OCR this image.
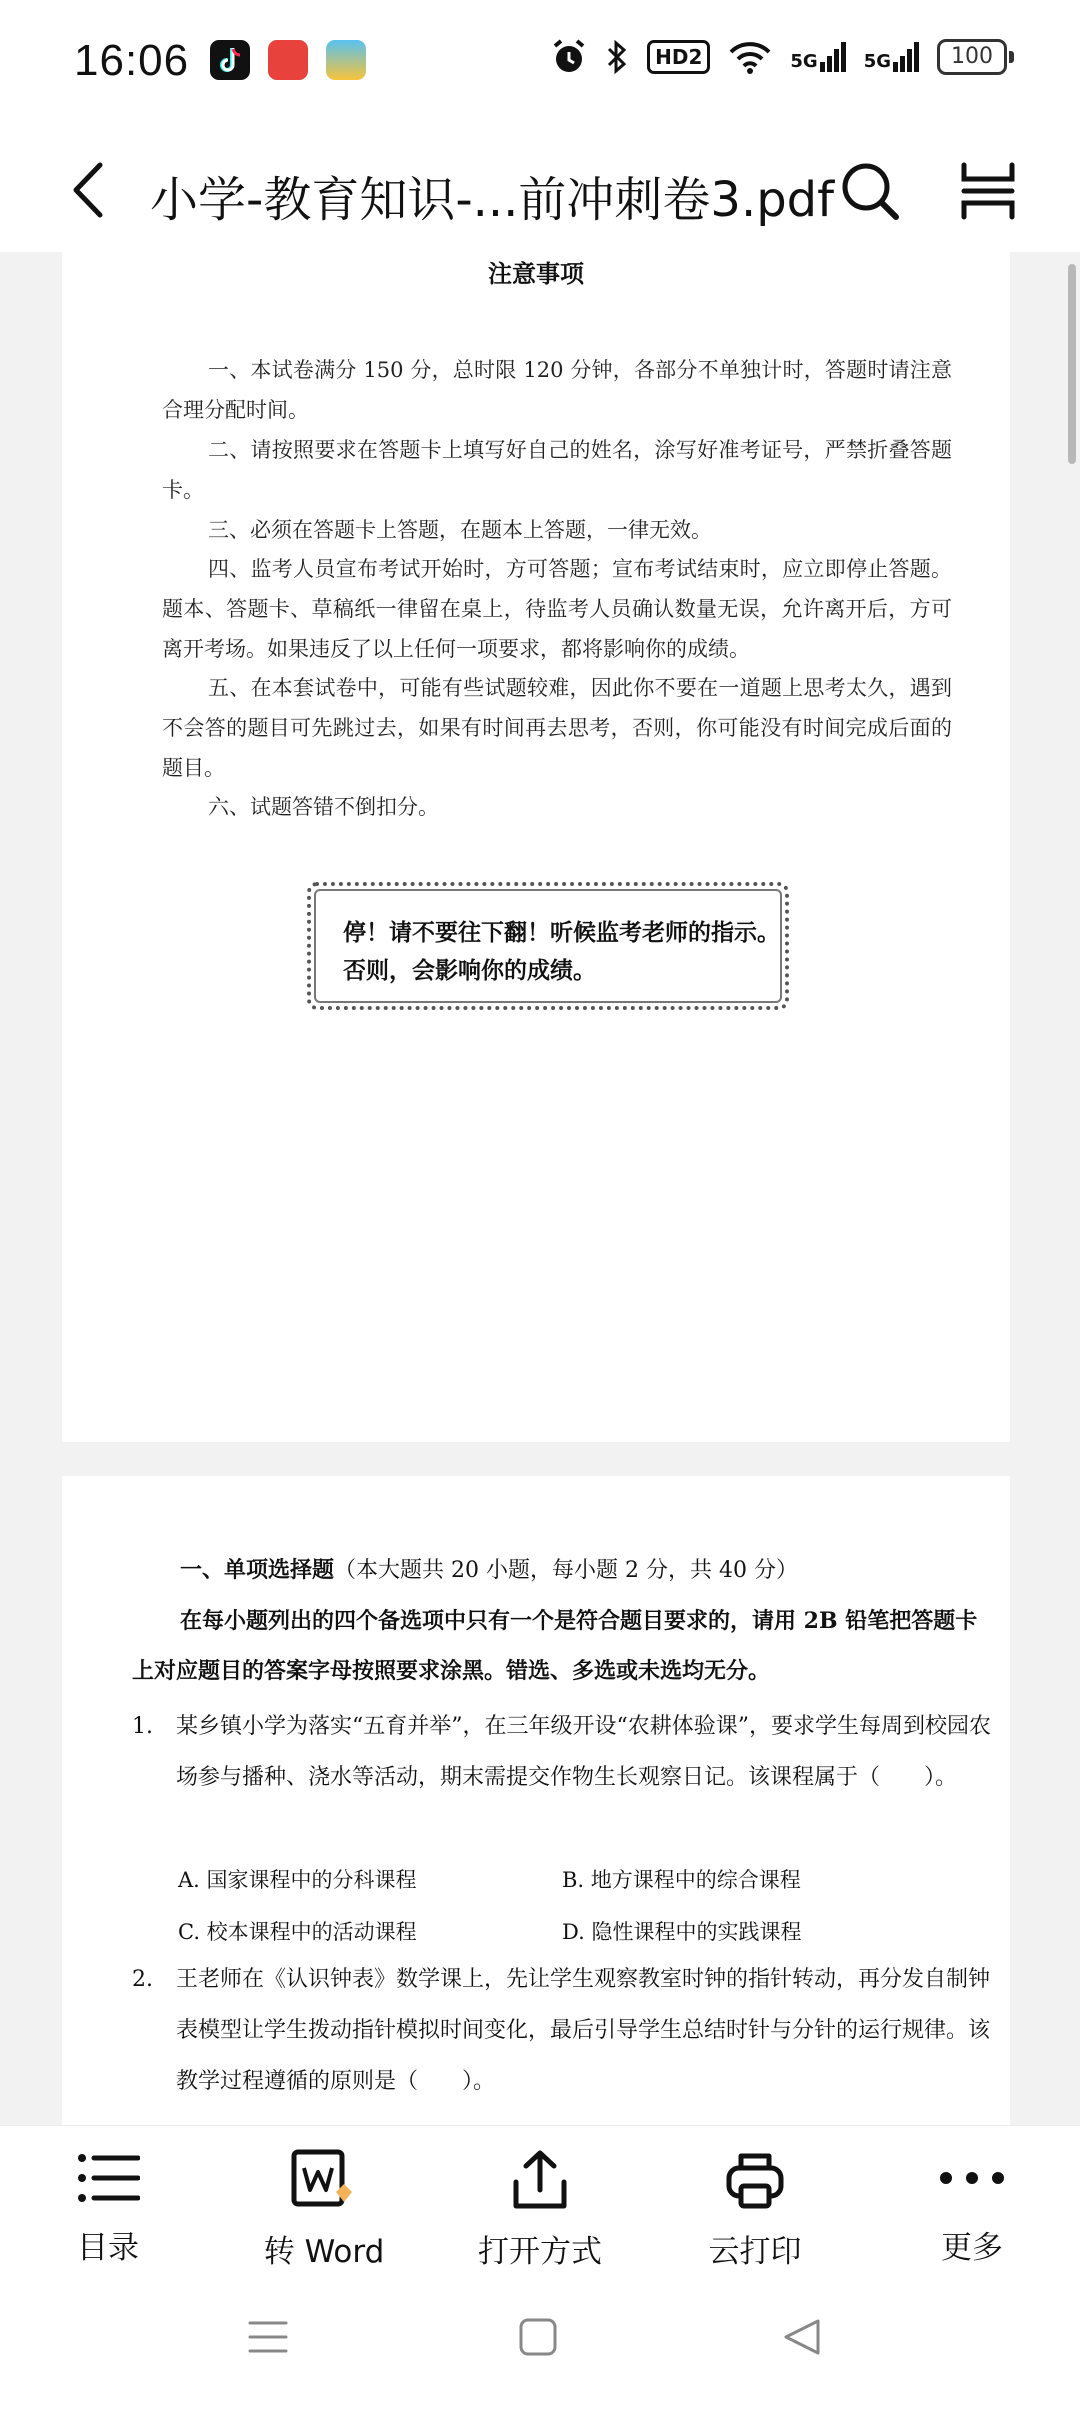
16:06	HD2	5G	5G	100
小学-教育知识-...前冲刺卷3.pdf
注意事项
一、本试卷满分 150 分，总时限 120 分钟，各部分不单独计时，答题时请注意合理分配时间。
二、请按照要求在答题卡上填写好自己的姓名，涂写好准考证号，严禁折叠答题卡。
三、必须在答题卡上答题，在题本上答题，一律无效。
四、监考人员宣布考试开始时，方可答题；宣布考试结束时，应立即停止答题。题本、答题卡、草稿纸一律留在桌上，待监考人员确认数量无误，允许离开后，方可离开考场。如果违反了以上任何一项要求，都将影响你的成绩。
五、在本套试卷中，可能有些试题较难，因此你不要在一道题上思考太久，遇到不会答的题目可先跳过去，如果有时间再去思考，否则，你可能没有时间完成后面的题目。
六、试题答错不倒扣分。
停！请不要往下翻！听候监考老师的指示。
否则，会影响你的成绩。
一、单项选择题（本大题共 20 小题，每小题 2 分，共 40 分）
在每小题列出的四个备选项中只有一个是符合题目要求的，请用 2B 铅笔把答题卡上对应题目的答案字母按照要求涂黑。错选、多选或未选均无分。
1.	某乡镇小学为落实“五育并举”，在三年级开设“农耕体验课”，要求学生每周到校园农场参与播种、浇水等活动，期末需提交作物生长观察日记。该课程属于（　　）。
A. 国家课程中的分科课程	B. 地方课程中的综合课程
C. 校本课程中的活动课程	D. 隐性课程中的实践课程
2.	王老师在《认识钟表》数学课上，先让学生观察教室时钟的指针转动，再分发自制钟表模型让学生拨动指针模拟时间变化，最后引导学生总结时针与分针的运行规律。该教学过程遵循的原则是（　　）。
目录	转 Word	打开方式	云打印	更多
